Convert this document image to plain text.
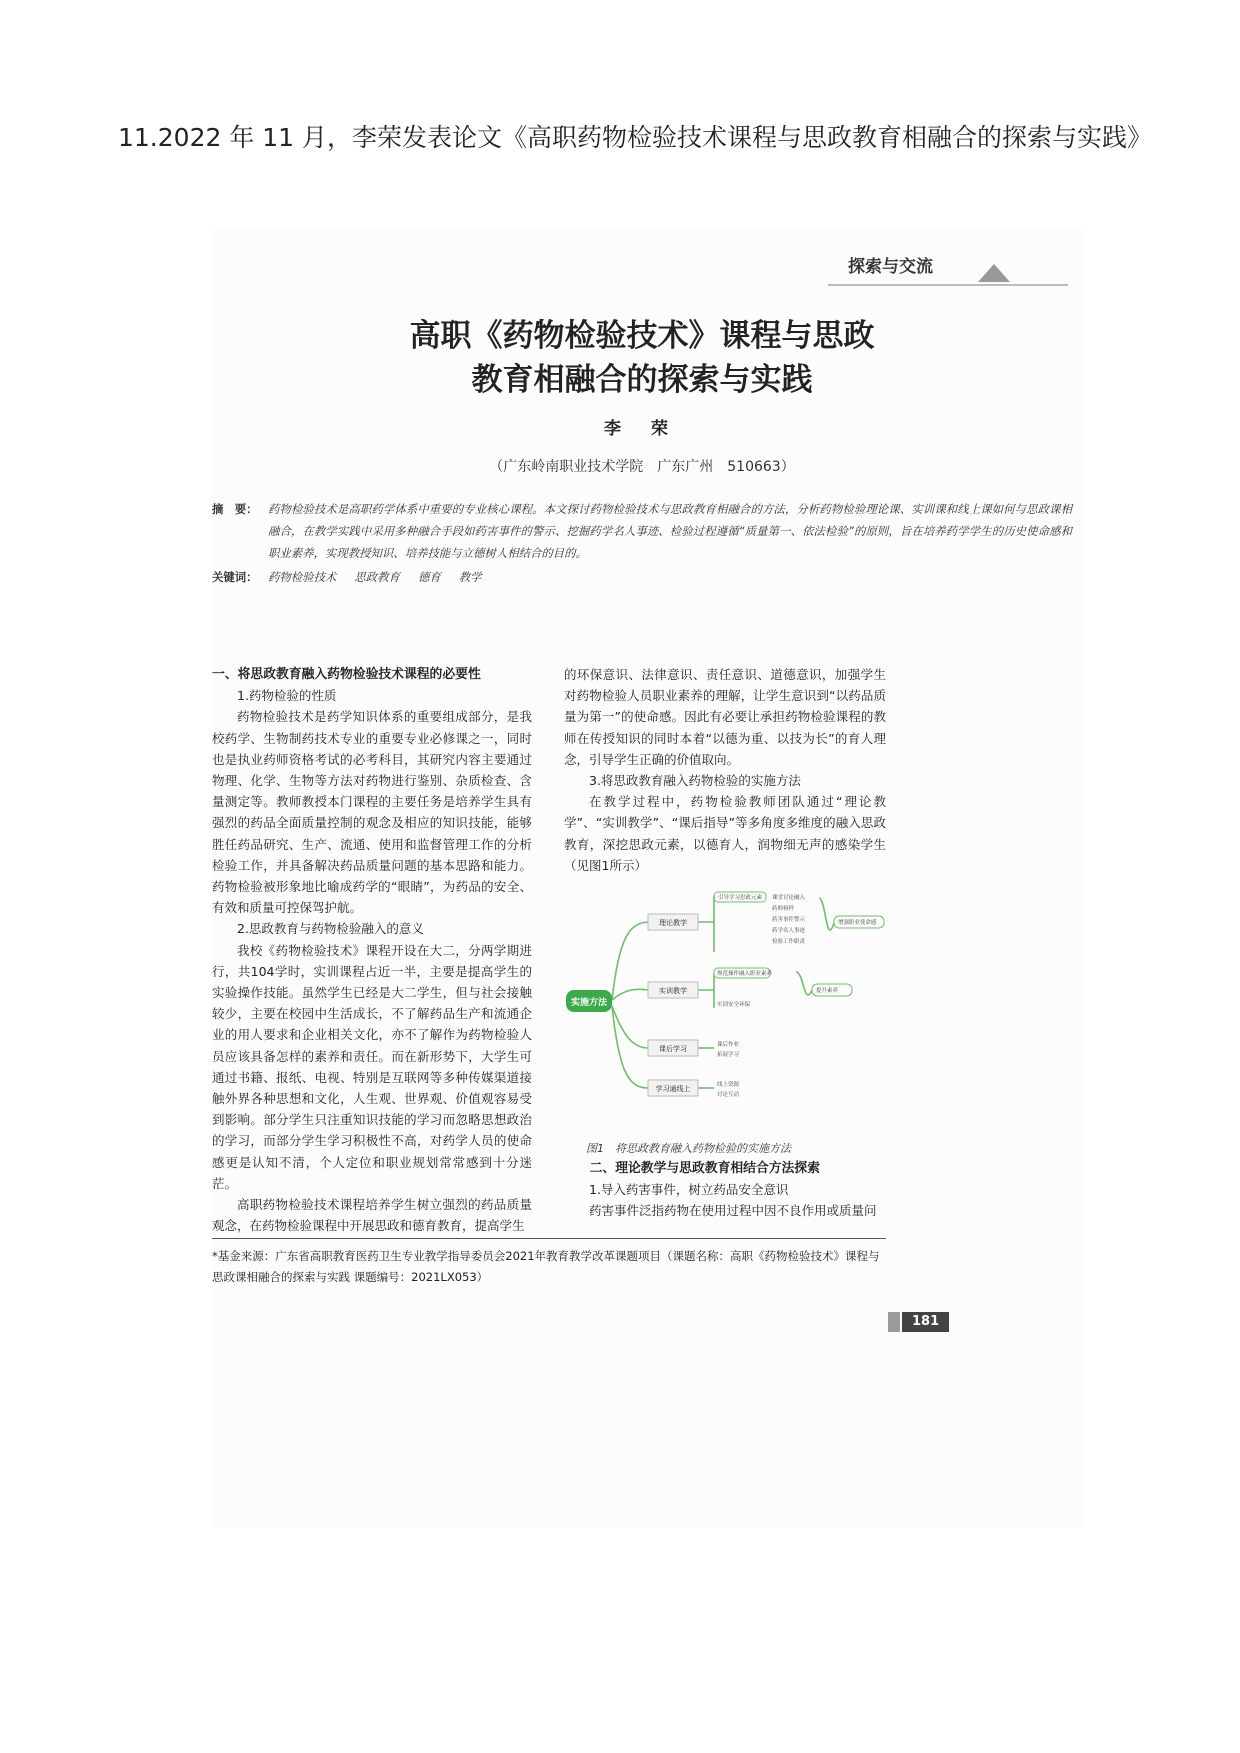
11.2022 年 11 月，李荣发表论文《高职药物检验技术课程与思政教育相融合的探索与实践》
探索与交流
高职《药物检验技术》课程与思政
教育相融合的探索与实践
李 荣
（广东岭南职业技术学院　广东广州　510663）
摘　要： 药物检验技术是高职药学体系中重要的专业核心课程。本文探讨药物检验技术与思政教育相融合的方法，分析药物检验理论课、实训课和线上课如何与思政课相融合，在教学实践中采用多种融合手段如药害事件的警示、挖掘药学名人事迹、检验过程遵循“质量第一、依法检验”的原则，旨在培养药学学生的历史使命感和职业素养，实现教授知识、培养技能与立德树人相结合的目的。
关键词： 药物检验技术 思政教育 德育 教学
一、将思政教育融入药物检验技术课程的必要性
1.药物检验的性质

药物检验技术是药学知识体系的重要组成部分，是我校药学、生物制药技术专业的重要专业必修课之一，同时也是执业药师资格考试的必考科目，其研究内容主要通过物理、化学、生物等方法对药物进行鉴别、杂质检查、含量测定等。教师教授本门课程的主要任务是培养学生具有强烈的药品全面质量控制的观念及相应的知识技能，能够胜任药品研究、生产、流通、使用和监督管理工作的分析检验工作，并具备解决药品质量问题的基本思路和能力。药物检验被形象地比喻成药学的“眼睛”，为药品的安全、有效和质量可控保驾护航。

2.思政教育与药物检验融入的意义

我校《药物检验技术》课程开设在大二，分两学期进行，共104学时，实训课程占近一半，主要是提高学生的实验操作技能。虽然学生已经是大二学生，但与社会接触较少，主要在校园中生活成长，不了解药品生产和流通企业的用人要求和企业相关文化，亦不了解作为药物检验人员应该具备怎样的素养和责任。而在新形势下，大学生可通过书籍、报纸、电视、特别是互联网等多种传媒渠道接触外界各种思想和文化，人生观、世界观、价值观容易受到影响。部分学生只注重知识技能的学习而忽略思想政治的学习，而部分学生学习积极性不高，对药学人员的使命感更是认知不清，个人定位和职业规划常常感到十分迷茫。

高职药物检验技术课程培养学生树立强烈的药品质量观念，在药物检验课程中开展思政和德育教育，提高学生

的环保意识、法律意识、责任意识、道德意识，加强学生对药物检验人员职业素养的理解，让学生意识到“以药品质量为第一”的使命感。因此有必要让承担药物检验课程的教师在传授知识的同时本着“以德为重、以技为长”的育人理念，引导学生正确的价值取向。

3.将思政教育融入药物检验的实施方法

在教学过程中，药物检验教师团队通过“理论教学”、“实训教学”、“课后指导”等多角度多维度的融入思政教育，深挖思政元素，以德育人，润物细无声的感染学生（见图1所示）

实施方法
理论教学
实训教学
课后学习
学习通线上
引导学习思政元素 课堂讨论融入
药师榜样
药害事件警示
药学名人事迹
检验工作职责
增强职业使命感
规范操作融入职业素养
实训安全环保
提升素养
课后作业
拓展学习
线上资源
讨论互动
图1　将思政教育融入药物检验的实施方法
二、理论教学与思政教育相结合方法探索
1.导入药害事件，树立药品安全意识

药害事件泛指药物在使用过程中因不良作用或质量问

*基金来源：广东省高职教育医药卫生专业教学指导委员会2021年教育教学改革课题项目（课题名称：高职《药物检验技术》课程与思政课相融合的探索与实践 课题编号：2021LX053）
181
